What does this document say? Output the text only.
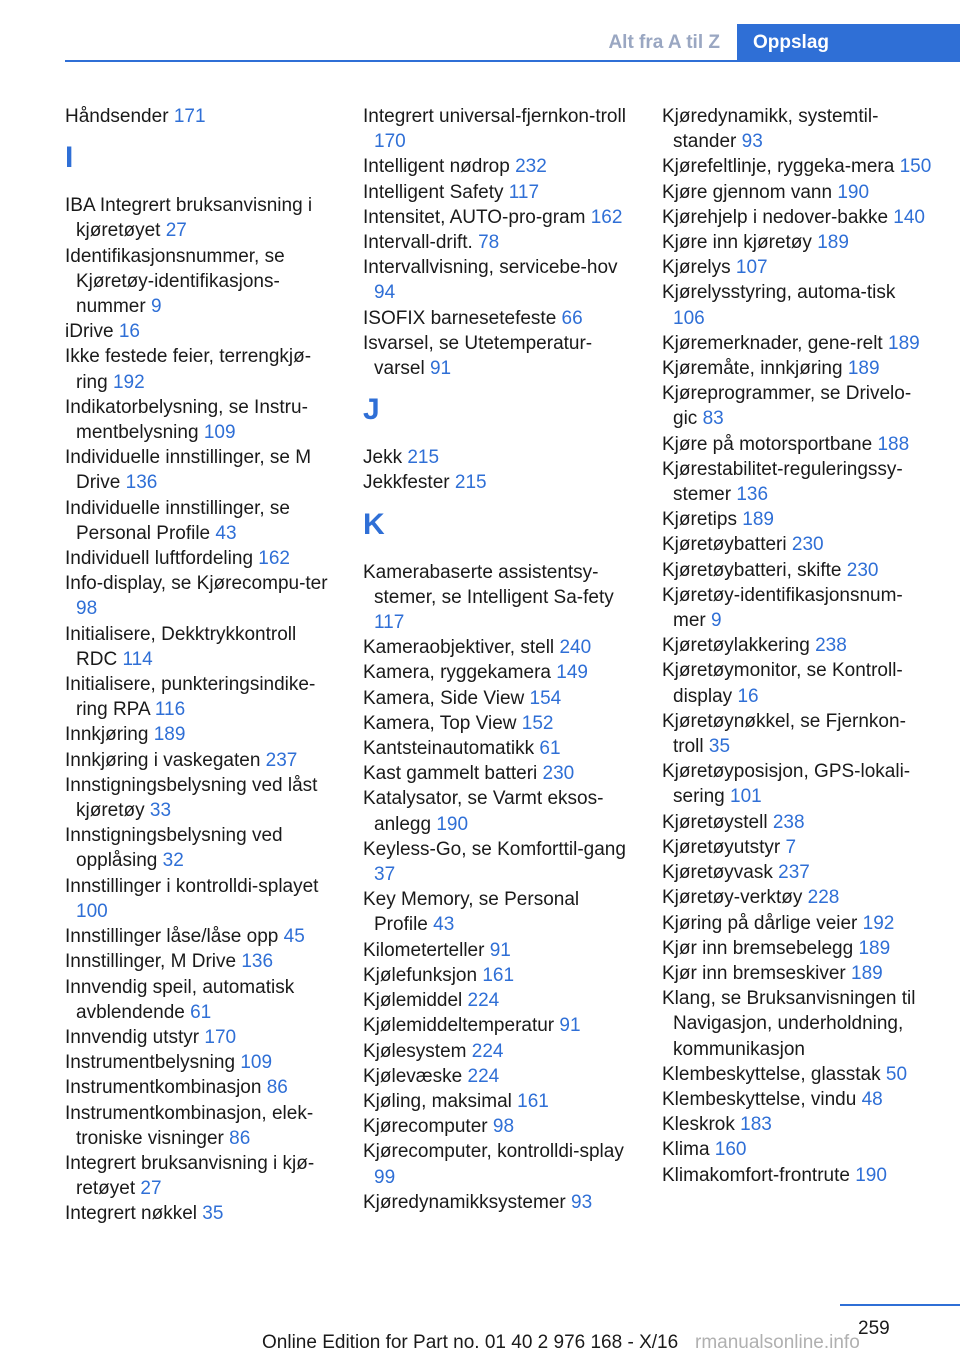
Alt fra A til Z	Oppslag
Håndsender 171
I
IBA Integrert bruksanvisning i kjøretøyet 27
Identifikasjonsnummer, se Kjøretøy-identifikasjons-nummer 9
iDrive 16
Ikke festede feier, terrengkjø-ring 192
Indikatorbelysning, se Instru-mentbelysning 109
Individuelle innstillinger, se M Drive 136
Individuelle innstillinger, se Personal Profile 43
Individuell luftfordeling 162
Info-display, se Kjørecompu-ter 98
Initialisere, Dekktrykkontroll RDC 114
Initialisere, punkteringsindike-ring RPA 116
Innkjøring 189
Innkjøring i vaskegaten 237
Innstigningsbelysning ved låst kjøretøy 33
Innstigningsbelysning ved opplåsing 32
Innstillinger i kontrolldi-splayet 100
Innstillinger låse/låse opp 45
Innstillinger, M Drive 136
Innvendig speil, automatisk avblendende 61
Innvendig utstyr 170
Instrumentbelysning 109
Instrumentkombinasjon 86
Instrumentkombinasjon, elek-troniske visninger 86
Integrert bruksanvisning i kjø-retøyet 27
Integrert nøkkel 35
Integrert universal-fjernkon-troll 170
Intelligent nødrop 232
Intelligent Safety 117
Intensitet, AUTO-pro-gram 162
Intervall-drift. 78
Intervallvisning, servicebe-hov 94
ISOFIX barnesetefeste 66
Isvarsel, se Utetemperatur-varsel 91
J
Jekk 215
Jekkfester 215
K
Kamerabaserte assistentsy-stemer, se Intelligent Sa-fety 117
Kameraobjektiver, stell 240
Kamera, ryggekamera 149
Kamera, Side View 154
Kamera, Top View 152
Kantsteinautomatikk 61
Kast gammelt batteri 230
Katalysator, se Varmt eksos-anlegg 190
Keyless-Go, se Komforttil-gang 37
Key Memory, se Personal Profile 43
Kilometerteller 91
Kjølefunksjon 161
Kjølemiddel 224
Kjølemiddeltemperatur 91
Kjølesystem 224
Kjølevæske 224
Kjøling, maksimal 161
Kjørecomputer 98
Kjørecomputer, kontrolldi-splay 99
Kjøredynamikksystemer 93
Kjøredynamikk, systemtil-stander 93
Kjørefeltlinje, ryggeka-mera 150
Kjøre gjennom vann 190
Kjørehjelp i nedover-bakke 140
Kjøre inn kjøretøy 189
Kjørelys 107
Kjørelysstyring, automa-tisk 106
Kjøremerknader, gene-relt 189
Kjøremåte, innkjøring 189
Kjøreprogrammer, se Drivelo-gic 83
Kjøre på motorsportbane 188
Kjørestabilitet-reguleringssy-stemer 136
Kjøretips 189
Kjøretøybatteri 230
Kjøretøybatteri, skifte 230
Kjøretøy-identifikasjonsnum-mer 9
Kjøretøylakkering 238
Kjøretøymonitor, se Kontroll-display 16
Kjøretøynøkkel, se Fjernkon-troll 35
Kjøretøyposisjon, GPS-lokali-sering 101
Kjøretøystell 238
Kjøretøyutstyr 7
Kjøretøyvask 237
Kjøretøy-verktøy 228
Kjøring på dårlige veier 192
Kjør inn bremsebelegg 189
Kjør inn bremseskiver 189
Klang, se Bruksanvisningen til Navigasjon, underholdning, kommunikasjon
Klembeskyttelse, glasstak 50
Klembeskyttelse, vindu 48
Kleskrok 183
Klima 160
Klimakomfort-frontrute 190
259
Online Edition for Part no. 01 40 2 976 168 - X/16 rmanualsonline.info
